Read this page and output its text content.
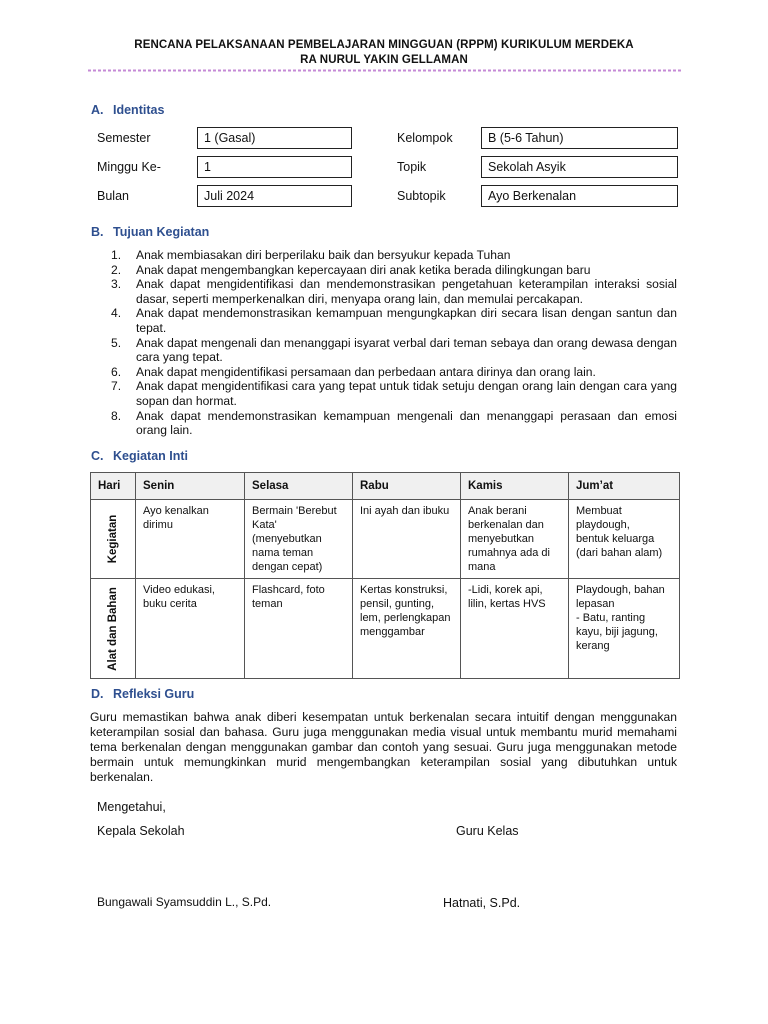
RENCANA PELAKSANAAN PEMBELAJARAN MINGGUAN (RPPM) KURIKULUM MERDEKA
RA NURUL YAKIN GELLAMAN
A. Identitas
Semester	1 (Gasal)
Minggu Ke-	1
Bulan	Juli 2024
Kelompok	B (5-6 Tahun)
Topik	Sekolah Asyik
Subtopik	Ayo Berkenalan
B. Tujuan Kegiatan
1. Anak membiasakan diri berperilaku baik dan bersyukur kepada Tuhan
2. Anak dapat mengembangkan kepercayaan diri anak ketika berada dilingkungan baru
3. Anak dapat mengidentifikasi dan mendemonstrasikan pengetahuan keterampilan interaksi sosial dasar, seperti memperkenalkan diri, menyapa orang lain, dan memulai percakapan.
4. Anak dapat mendemonstrasikan kemampuan mengungkapkan diri secara lisan dengan santun dan tepat.
5. Anak dapat mengenali dan menanggapi isyarat verbal dari teman sebaya dan orang dewasa dengan cara yang tepat.
6. Anak dapat mengidentifikasi persamaan dan perbedaan antara dirinya dan orang lain.
7. Anak dapat mengidentifikasi cara yang tepat untuk tidak setuju dengan orang lain dengan cara yang sopan dan hormat.
8. Anak dapat mendemonstrasikan kemampuan mengenali dan menanggapi perasaan dan emosi orang lain.
C. Kegiatan Inti
Hari	Senin	Selasa	Rabu	Kamis	Jum’at

Kegiatan	Ayo kenalkan
dirimu	Bermain 'Berebut
Kata'
(menyebutkan
nama teman
dengan cepat)	Ini ayah dan ibuku	Anak berani
berkenalan dan
menyebutkan
rumahnya ada di
mana	Membuat
playdough,
bentuk keluarga
(dari bahan alam)

Alat dan Bahan	Video edukasi,
buku cerita	Flashcard, foto
teman	Kertas konstruksi,
pensil, gunting,
lem, perlengkapan
menggambar	-Lidi, korek api,
lilin, kertas HVS	Playdough, bahan
lepasan
- Batu, ranting
kayu, biji jagung,
kerang
D. Refleksi Guru

Guru memastikan bahwa anak diberi kesempatan untuk berkenalan secara intuitif dengan menggunakan keterampilan sosial dan bahasa. Guru juga menggunakan media visual untuk membantu murid memahami tema berkenalan dengan menggunakan gambar dan contoh yang sesuai. Guru juga menggunakan metode bermain untuk memungkinkan murid mengembangkan keterampilan sosial yang dibutuhkan untuk berkenalan.

Mengetahui,
Kepala Sekolah	Guru Kelas
Bungawali Syamsuddin L., S.Pd.	Hatnati, S.Pd.
